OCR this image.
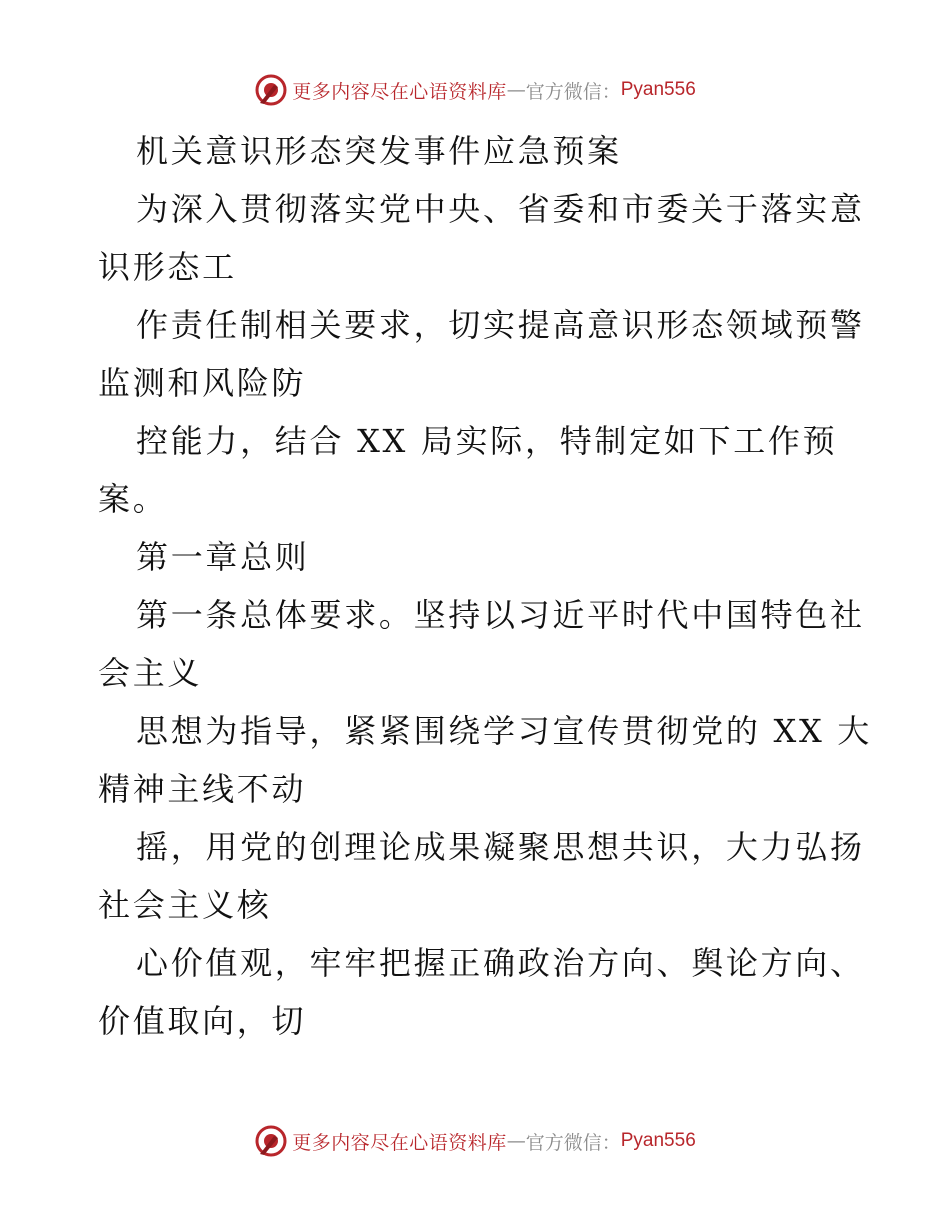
更多内容尽在心语资料库 — 官方微信： Pyan556
机关意识形态突发事件应急预案
为深入贯彻落实党中央、省委和市委关于落实意
识形态工
作责任制相关要求，切实提高意识形态领域预警
监测和风险防
控能力，结合 XX 局实际，特制定如下工作预
案。
第一章总则
第一条总体要求。坚持以习近平时代中国特色社
会主义
思想为指导，紧紧围绕学习宣传贯彻党的 XX 大
精神主线不动
摇，用党的创理论成果凝聚思想共识，大力弘扬
社会主义核
心价值观，牢牢把握正确政治方向、舆论方向、
价值取向，切
更多内容尽在心语资料库 — 官方微信： Pyan556
